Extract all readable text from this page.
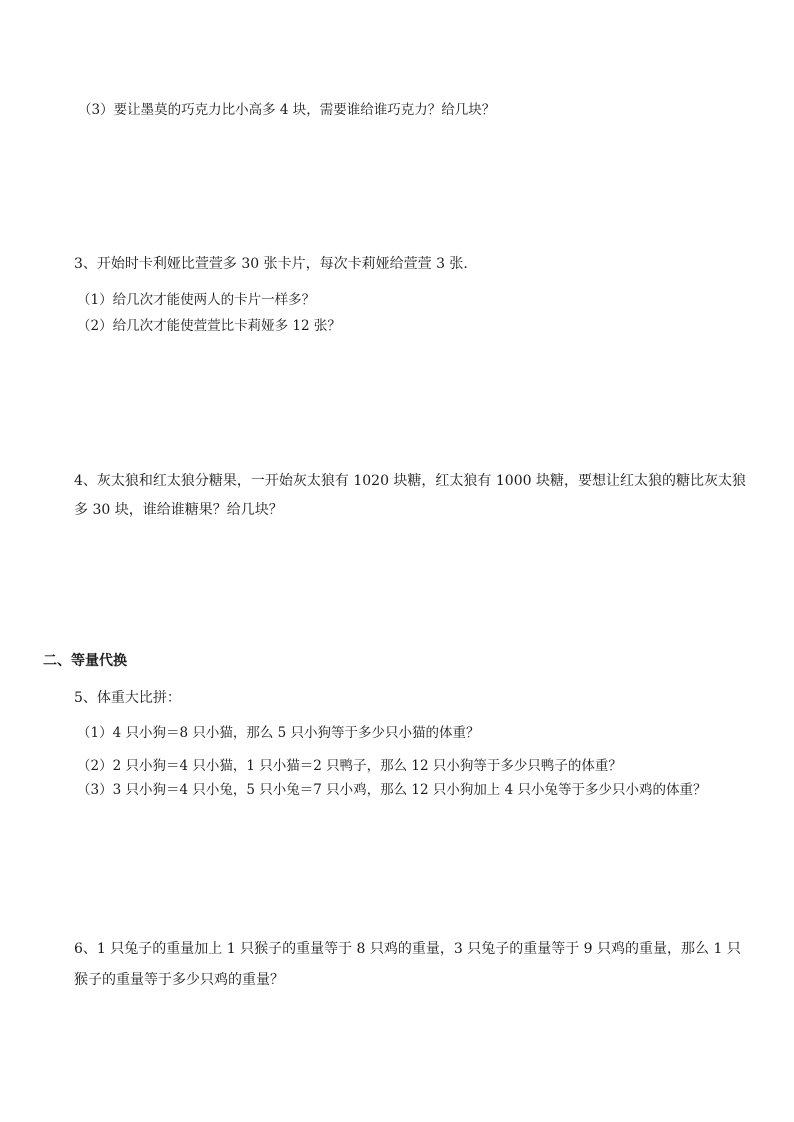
（3）要让墨莫的巧克力比小高多 4 块，需要谁给谁巧克力？给几块？
3、开始时卡利娅比萱萱多 30 张卡片，每次卡莉娅给萱萱 3 张.
（1）给几次才能使两人的卡片一样多？
（2）给几次才能使萱萱比卡莉娅多 12 张？
4、灰太狼和红太狼分糖果，一开始灰太狼有 1020 块糖，红太狼有 1000 块糖，要想让红太狼的糖比灰太狼
多 30 块，谁给谁糖果？给几块？
二、等量代换
5、体重大比拼：
（1）4 只小狗＝8 只小猫，那么 5 只小狗等于多少只小猫的体重？
（2）2 只小狗＝4 只小猫，1 只小猫＝2 只鸭子，那么 12 只小狗等于多少只鸭子的体重？
（3）3 只小狗＝4 只小兔，5 只小兔＝7 只小鸡，那么 12 只小狗加上 4 只小兔等于多少只小鸡的体重？
6、1 只兔子的重量加上 1 只猴子的重量等于 8 只鸡的重量，3 只兔子的重量等于 9 只鸡的重量，那么 1 只
猴子的重量等于多少只鸡的重量？
